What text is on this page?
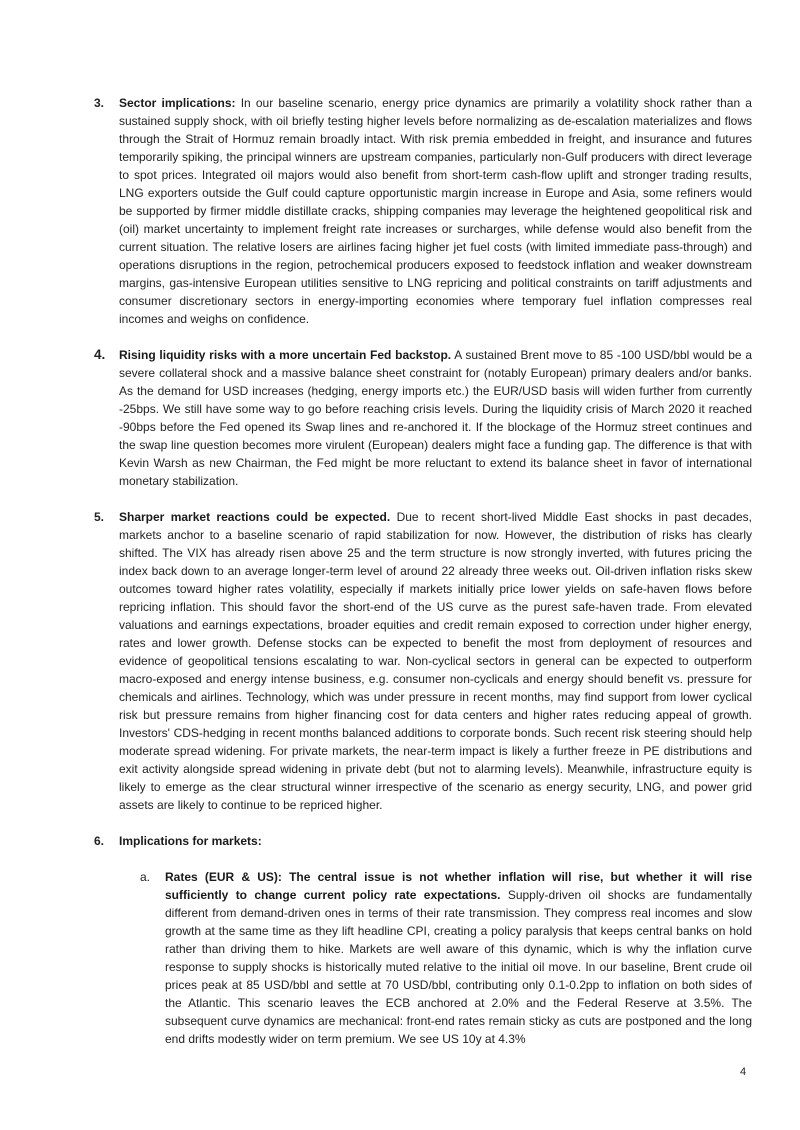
3.	Sector implications: In our baseline scenario, energy price dynamics are primarily a volatility shock rather than a sustained supply shock, with oil briefly testing higher levels before normalizing as de-escalation materializes and flows through the Strait of Hormuz remain broadly intact. With risk premia embedded in freight, and insurance and futures temporarily spiking, the principal winners are upstream companies, particularly non-Gulf producers with direct leverage to spot prices. Integrated oil majors would also benefit from short-term cash-flow uplift and stronger trading results, LNG exporters outside the Gulf could capture opportunistic margin increase in Europe and Asia, some refiners would be supported by firmer middle distillate cracks, shipping companies may leverage the heightened geopolitical risk and (oil) market uncertainty to implement freight rate increases or surcharges, while defense would also benefit from the current situation. The relative losers are airlines facing higher jet fuel costs (with limited immediate pass-through) and operations disruptions in the region, petrochemical producers exposed to feedstock inflation and weaker downstream margins, gas-intensive European utilities sensitive to LNG repricing and political constraints on tariff adjustments and consumer discretionary sectors in energy-importing economies where temporary fuel inflation compresses real incomes and weighs on confidence.
4.	Rising liquidity risks with a more uncertain Fed backstop. A sustained Brent move to 85 -100 USD/bbl would be a severe collateral shock and a massive balance sheet constraint for (notably European) primary dealers and/or banks. As the demand for USD increases (hedging, energy imports etc.) the EUR/USD basis will widen further from currently -25bps. We still have some way to go before reaching crisis levels. During the liquidity crisis of March 2020 it reached -90bps before the Fed opened its Swap lines and re-anchored it. If the blockage of the Hormuz street continues and the swap line question becomes more virulent (European) dealers might face a funding gap. The difference is that with Kevin Warsh as new Chairman, the Fed might be more reluctant to extend its balance sheet in favor of international monetary stabilization.
5.	Sharper market reactions could be expected. Due to recent short-lived Middle East shocks in past decades, markets anchor to a baseline scenario of rapid stabilization for now. However, the distribution of risks has clearly shifted. The VIX has already risen above 25 and the term structure is now strongly inverted, with futures pricing the index back down to an average longer-term level of around 22 already three weeks out. Oil-driven inflation risks skew outcomes toward higher rates volatility, especially if markets initially price lower yields on safe-haven flows before repricing inflation. This should favor the short-end of the US curve as the purest safe-haven trade. From elevated valuations and earnings expectations, broader equities and credit remain exposed to correction under higher energy, rates and lower growth. Defense stocks can be expected to benefit the most from deployment of resources and evidence of geopolitical tensions escalating to war. Non-cyclical sectors in general can be expected to outperform macro-exposed and energy intense business, e.g. consumer non-cyclicals and energy should benefit vs. pressure for chemicals and airlines. Technology, which was under pressure in recent months, may find support from lower cyclical risk but pressure remains from higher financing cost for data centers and higher rates reducing appeal of growth. Investors' CDS-hedging in recent months balanced additions to corporate bonds. Such recent risk steering should help moderate spread widening. For private markets, the near-term impact is likely a further freeze in PE distributions and exit activity alongside spread widening in private debt (but not to alarming levels). Meanwhile, infrastructure equity is likely to emerge as the clear structural winner irrespective of the scenario as energy security, LNG, and power grid assets are likely to continue to be repriced higher.
6.	Implications for markets:
a.	Rates (EUR & US): The central issue is not whether inflation will rise, but whether it will rise sufficiently to change current policy rate expectations. Supply-driven oil shocks are fundamentally different from demand-driven ones in terms of their rate transmission. They compress real incomes and slow growth at the same time as they lift headline CPI, creating a policy paralysis that keeps central banks on hold rather than driving them to hike. Markets are well aware of this dynamic, which is why the inflation curve response to supply shocks is historically muted relative to the initial oil move. In our baseline, Brent crude oil prices peak at 85 USD/bbl and settle at 70 USD/bbl, contributing only 0.1-0.2pp to inflation on both sides of the Atlantic. This scenario leaves the ECB anchored at 2.0% and the Federal Reserve at 3.5%. The subsequent curve dynamics are mechanical: front-end rates remain sticky as cuts are postponed and the long end drifts modestly wider on term premium. We see US 10y at 4.3%
4
